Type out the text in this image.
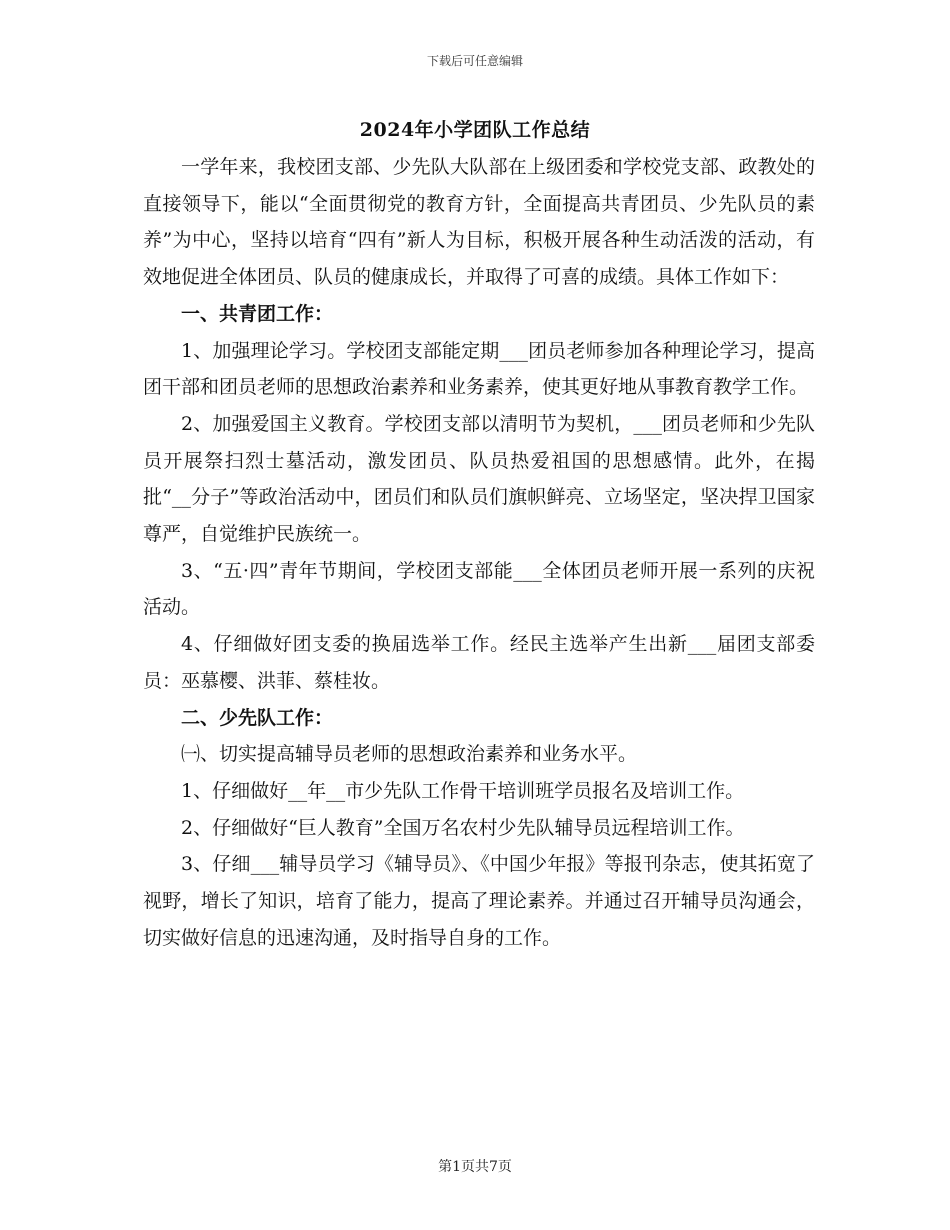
下载后可任意编辑
2024年小学团队工作总结

一学年来，我校团支部、少先队大队部在上级团委和学校党支部、政教处的直接领导下，能以“全面贯彻党的教育方针，全面提高共青团员、少先队员的素养”为中心，坚持以培育“四有”新人为目标，积极开展各种生动活泼的活动，有效地促进全体团员、队员的健康成长，并取得了可喜的成绩。具体工作如下：

一、共青团工作：

1、加强理论学习。学校团支部能定期___团员老师参加各种理论学习，提高团干部和团员老师的思想政治素养和业务素养，使其更好地从事教育教学工作。

2、加强爱国主义教育。学校团支部以清明节为契机，___团员老师和少先队员开展祭扫烈士墓活动，激发团员、队员热爱祖国的思想感情。此外，在揭批“__分子”等政治活动中，团员们和队员们旗帜鲜亮、立场坚定，坚决捍卫国家尊严，自觉维护民族统一。

3、“五·四”青年节期间，学校团支部能___全体团员老师开展一系列的庆祝活动。

4、仔细做好团支委的换届选举工作。经民主选举产生出新___届团支部委员：巫慕樱、洪菲、蔡桂妆。

二、少先队工作：

㈠、切实提高辅导员老师的思想政治素养和业务水平。

1、仔细做好__年__市少先队工作骨干培训班学员报名及培训工作。

2、仔细做好“巨人教育”全国万名农村少先队辅导员远程培训工作。

3、仔细___辅导员学习《辅导员》、《中国少年报》等报刊杂志，使其拓宽了视野，增长了知识，培育了能力，提高了理论素养。并通过召开辅导员沟通会，切实做好信息的迅速沟通，及时指导自身的工作。

第1页共7页
